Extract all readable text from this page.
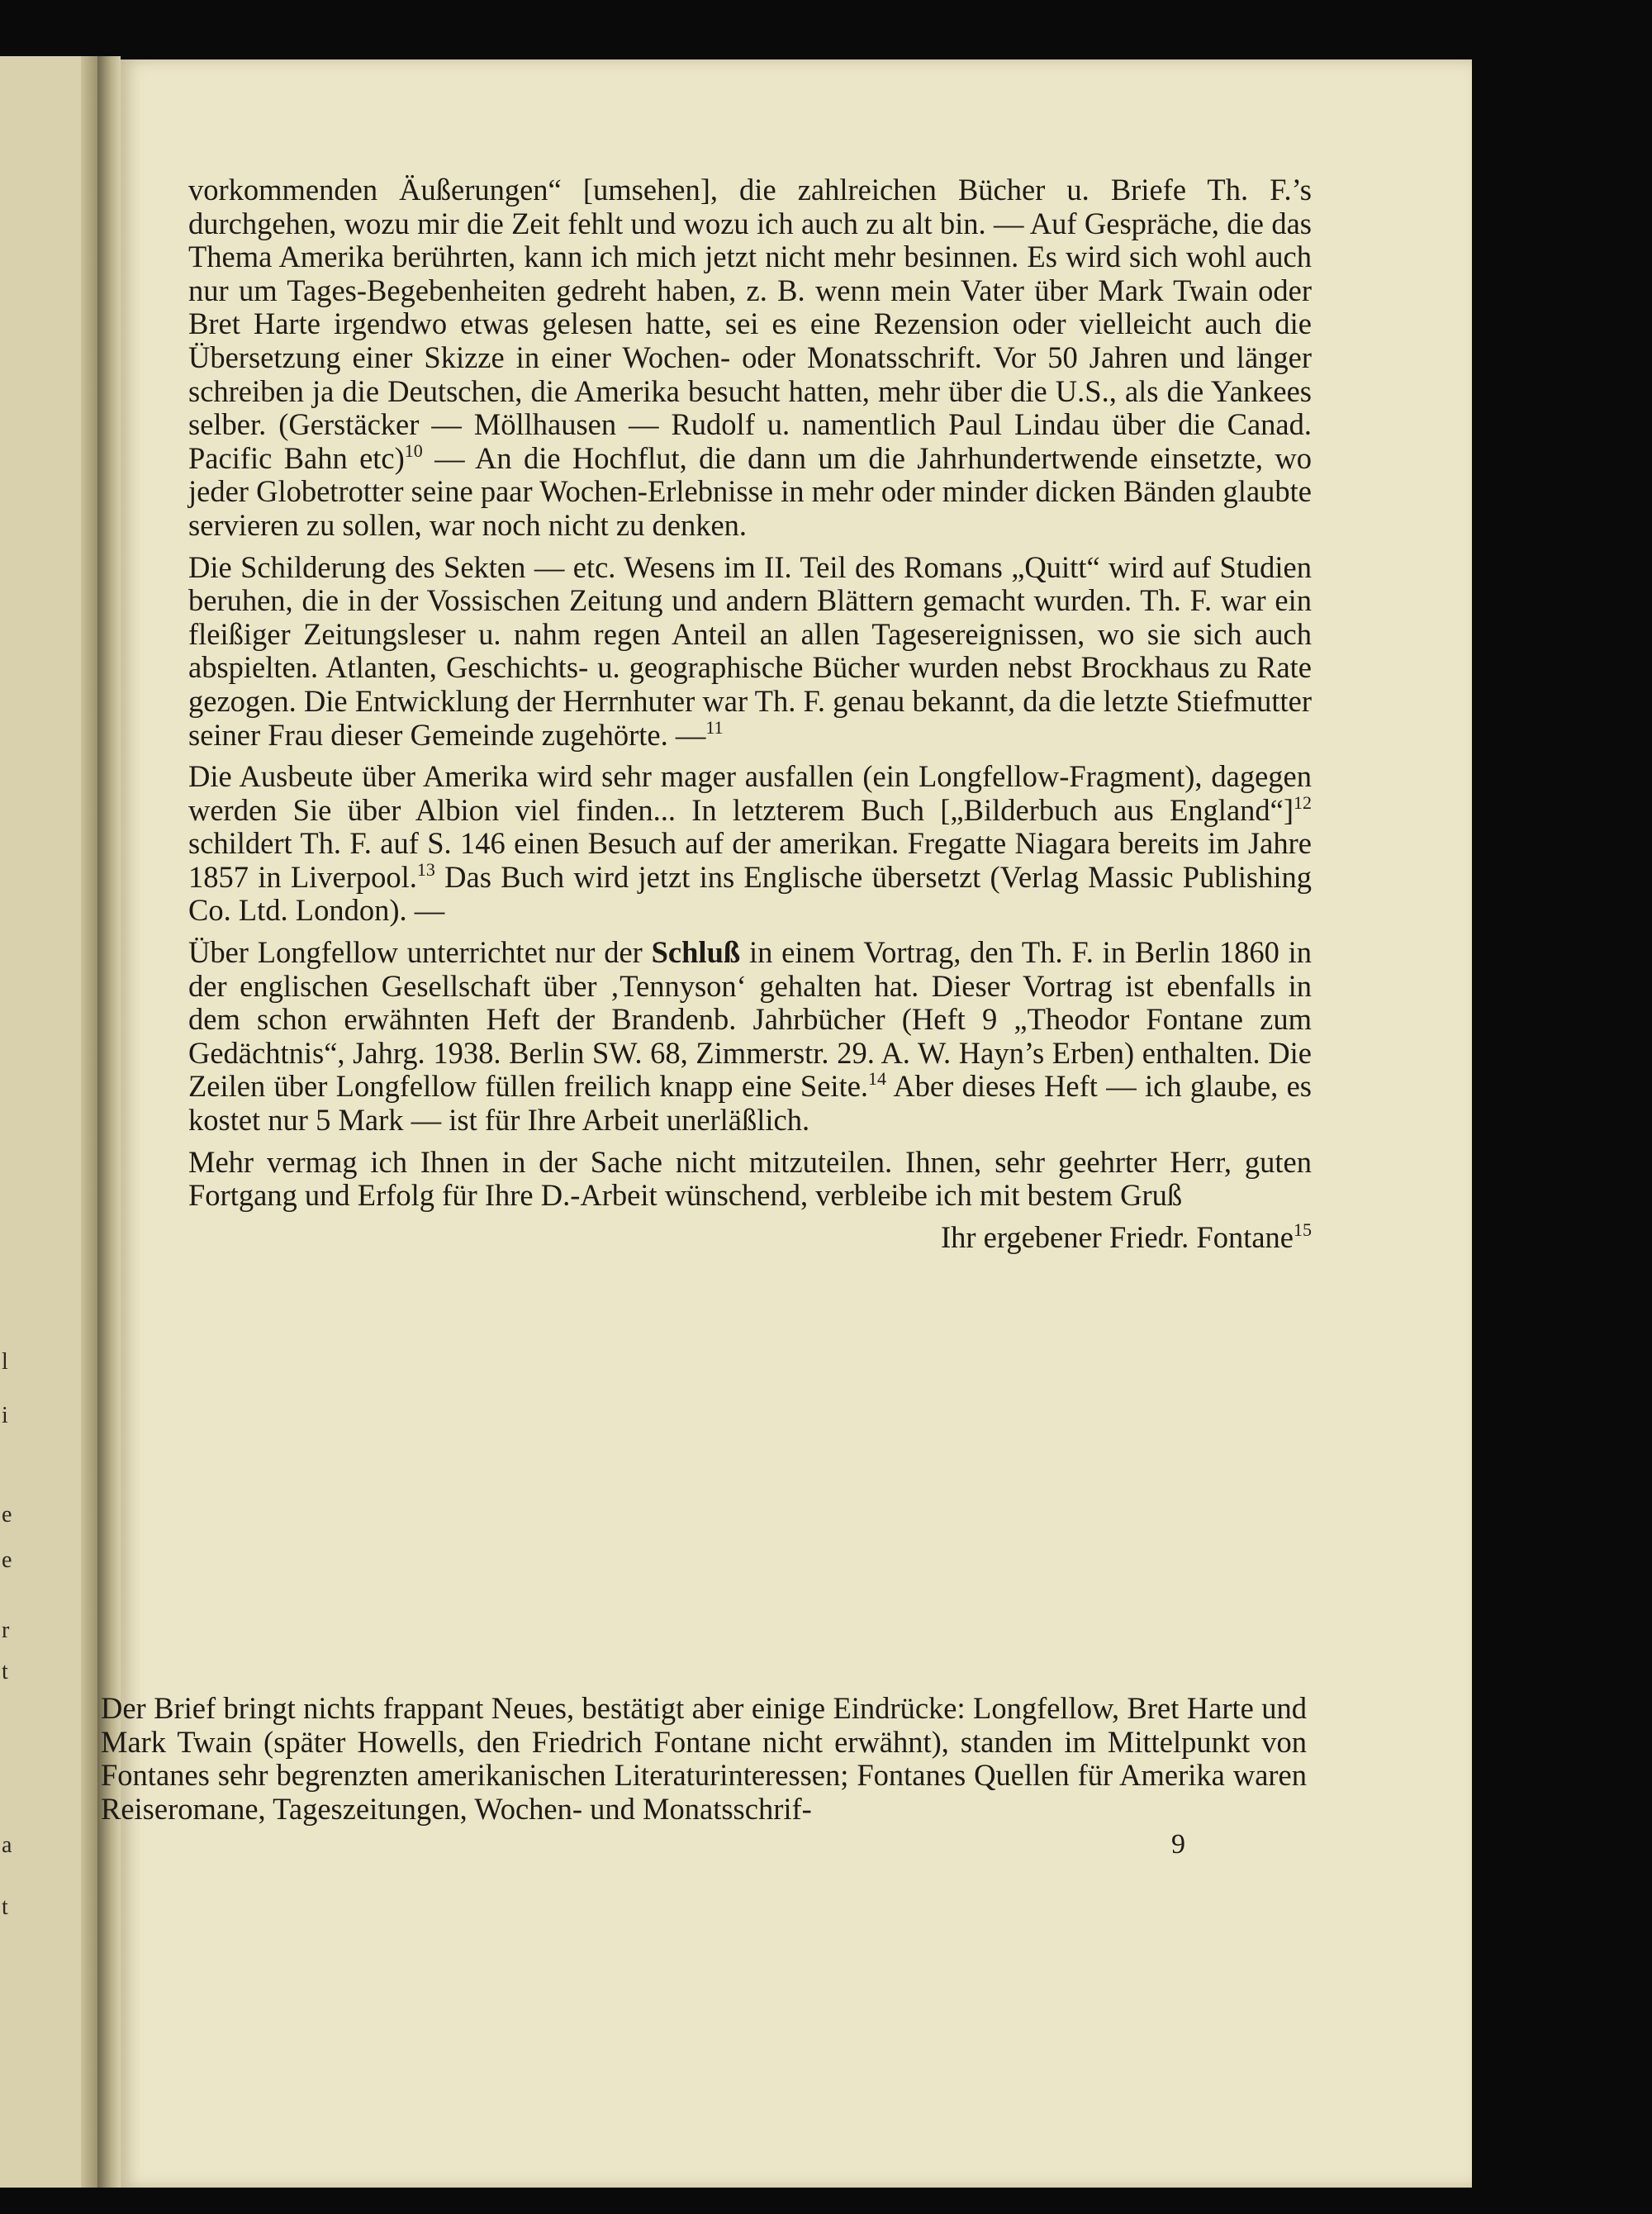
l
i
e
e
r
t
a
t

vorkommenden Äußerungen“ [umsehen], die zahlreichen Bücher u. Briefe Th. F.’s durchgehen, wozu mir die Zeit fehlt und wozu ich auch zu alt bin. — Auf Gespräche, die das Thema Amerika berührten, kann ich mich jetzt nicht mehr besinnen. Es wird sich wohl auch nur um Tages-Begebenheiten gedreht haben, z. B. wenn mein Vater über Mark Twain oder Bret Harte irgendwo etwas gelesen hatte, sei es eine Rezension oder vielleicht auch die Übersetzung einer Skizze in einer Wochen- oder Monatsschrift. Vor 50 Jahren und länger schreiben ja die Deutschen, die Amerika besucht hatten, mehr über die U.S., als die Yankees selber. (Gerstäcker — Möllhausen — Rudolf u. namentlich Paul Lindau über die Canad. Pacific Bahn etc)$^{10}$ — An die Hochflut, die dann um die Jahrhundertwende einsetzte, wo jeder Globetrotter seine paar Wochen-Erlebnisse in mehr oder minder dicken Bänden glaubte servieren zu sollen, war noch nicht zu denken.

Die Schilderung des Sekten — etc. Wesens im II. Teil des Romans „Quitt“ wird auf Studien beruhen, die in der Vossischen Zeitung und andern Blättern gemacht wurden. Th. F. war ein fleißiger Zeitungsleser u. nahm regen Anteil an allen Tagesereignissen, wo sie sich auch abspielten. Atlanten, Geschichts- u. geographische Bücher wurden nebst Brockhaus zu Rate gezogen. Die Entwicklung der Herrnhuter war Th. F. genau bekannt, da die letzte Stiefmutter seiner Frau dieser Gemeinde zugehörte. —$^{11}$

Die Ausbeute über Amerika wird sehr mager ausfallen (ein Longfellow-Fragment), dagegen werden Sie über Albion viel finden... In letzterem Buch [„Bilderbuch aus England“]$^{12}$ schildert Th. F. auf S. 146 einen Besuch auf der amerikan. Fregatte Niagara bereits im Jahre 1857 in Liverpool.$^{13}$ Das Buch wird jetzt ins Englische übersetzt (Verlag Massic Publishing Co. Ltd. London). —

Über Longfellow unterrichtet nur der Schluß in einem Vortrag, den Th. F. in Berlin 1860 in der englischen Gesellschaft über ‚Tennyson‘ gehalten hat. Dieser Vortrag ist ebenfalls in dem schon erwähnten Heft der Brandenb. Jahrbücher (Heft 9 „Theodor Fontane zum Gedächtnis“, Jahrg. 1938. Berlin SW. 68, Zimmerstr. 29. A. W. Hayn’s Erben) enthalten. Die Zeilen über Longfellow füllen freilich knapp eine Seite.$^{14}$ Aber dieses Heft — ich glaube, es kostet nur 5 Mark — ist für Ihre Arbeit unerläßlich.

Mehr vermag ich Ihnen in der Sache nicht mitzuteilen. Ihnen, sehr geehrter Herr, guten Fortgang und Erfolg für Ihre D.-Arbeit wünschend, verbleibe ich mit bestem Gruß

Ihr ergebener Friedr. Fontane$^{15}$

Der Brief bringt nichts frappant Neues, bestätigt aber einige Eindrücke: Longfellow, Bret Harte und Mark Twain (später Howells, den Friedrich Fontane nicht erwähnt), standen im Mittelpunkt von Fontanes sehr begrenzten amerikanischen Literaturinteressen; Fontanes Quellen für Amerika waren Reiseromane, Tageszeitungen, Wochen- und Monatsschrif-

9
